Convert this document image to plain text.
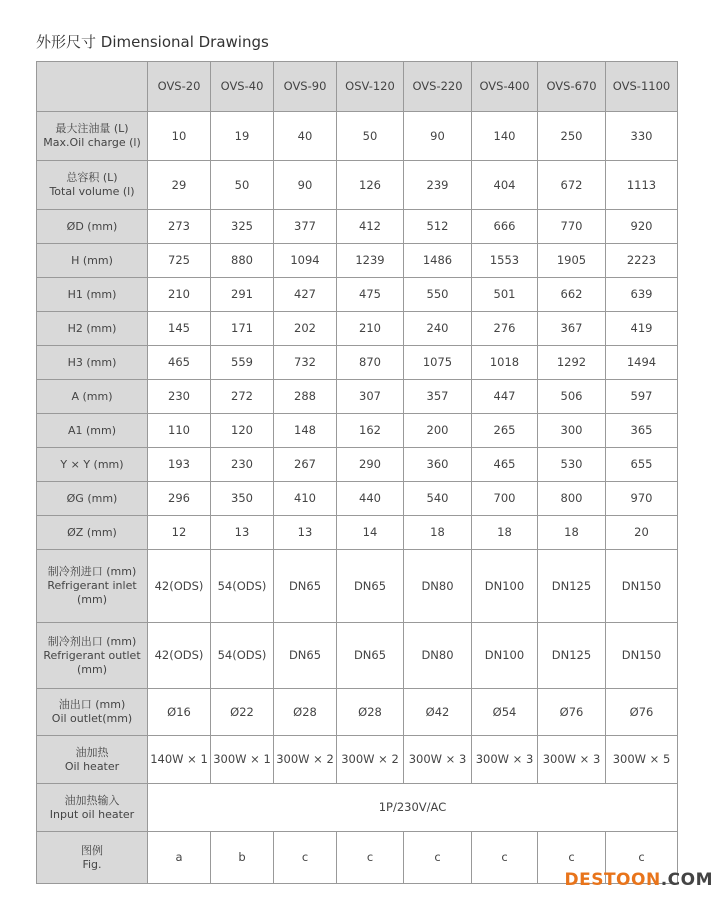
外形尺寸 Dimensional Drawings
	OVS-20	OVS-40	OVS-90	OSV-120	OVS-220	OVS-400	OVS-670	OVS-1100

最大注油量 (L)
Max.Oil charge (l)	10	19	40	50	90	140	250	330

总容积 (L)
Total volume (l)	29	50	90	126	239	404	672	1113

ØD (mm)	273	325	377	412	512	666	770	920

H (mm)	725	880	1094	1239	1486	1553	1905	2223

H1 (mm)	210	291	427	475	550	501	662	639

H2 (mm)	145	171	202	210	240	276	367	419

H3 (mm)	465	559	732	870	1075	1018	1292	1494

A (mm)	230	272	288	307	357	447	506	597

A1 (mm)	110	120	148	162	200	265	300	365

Y × Y (mm)	193	230	267	290	360	465	530	655

ØG (mm)	296	350	410	440	540	700	800	970

ØZ (mm)	12	13	13	14	18	18	18	20

制冷剂进口 (mm)
Refrigerant inlet (mm)	42(ODS)	54(ODS)	DN65	DN65	DN80	DN100	DN125	DN150

制冷剂出口 (mm)
Refrigerant outlet (mm)	42(ODS)	54(ODS)	DN65	DN65	DN80	DN100	DN125	DN150

油出口 (mm)
Oil outlet(mm)	Ø16	Ø22	Ø28	Ø28	Ø42	Ø54	Ø76	Ø76

油加热
Oil heater	140W × 1	300W × 1	300W × 2	300W × 2	300W × 3	300W × 3	300W × 3	300W × 5

油加热输入
Input oil heater	1P/230V/AC							

图例
Fig.	a	b	c	c	c	c	c	c
DESTOON.COM
